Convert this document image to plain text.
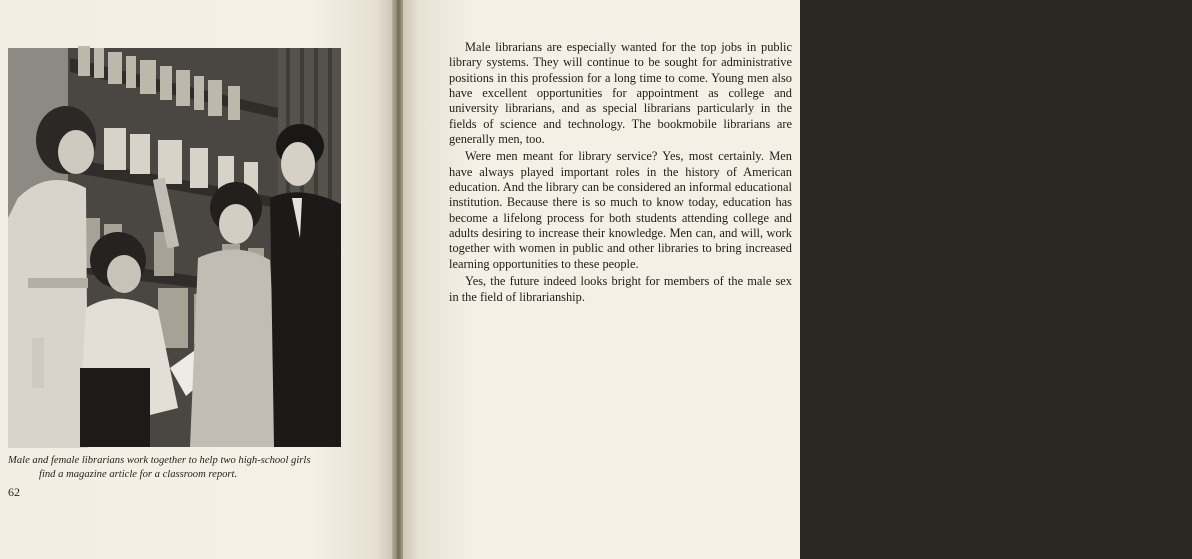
Male and female librarians work together to help two high-school girls
find a magazine article for a classroom report.
62	63

Male librarians are especially wanted for the top jobs in public library systems. They will continue to be sought for administrative positions in this profession for a long time to come. Young men also have excellent opportunities for appointment as college and university librarians, and as special librarians particularly in the fields of science and technology. The bookmobile librarians are generally men, too.

Were men meant for library service? Yes, most certainly. Men have always played important roles in the history of American education. And the library can be considered an informal educational institution. Because there is so much to know today, education has become a lifelong process for both students attending college and adults desiring to increase their knowledge. Men can, and will, work together with women in public and other libraries to bring increased learning opportunities to these people.

Yes, the future indeed looks bright for members of the male sex in the field of librarianship.
